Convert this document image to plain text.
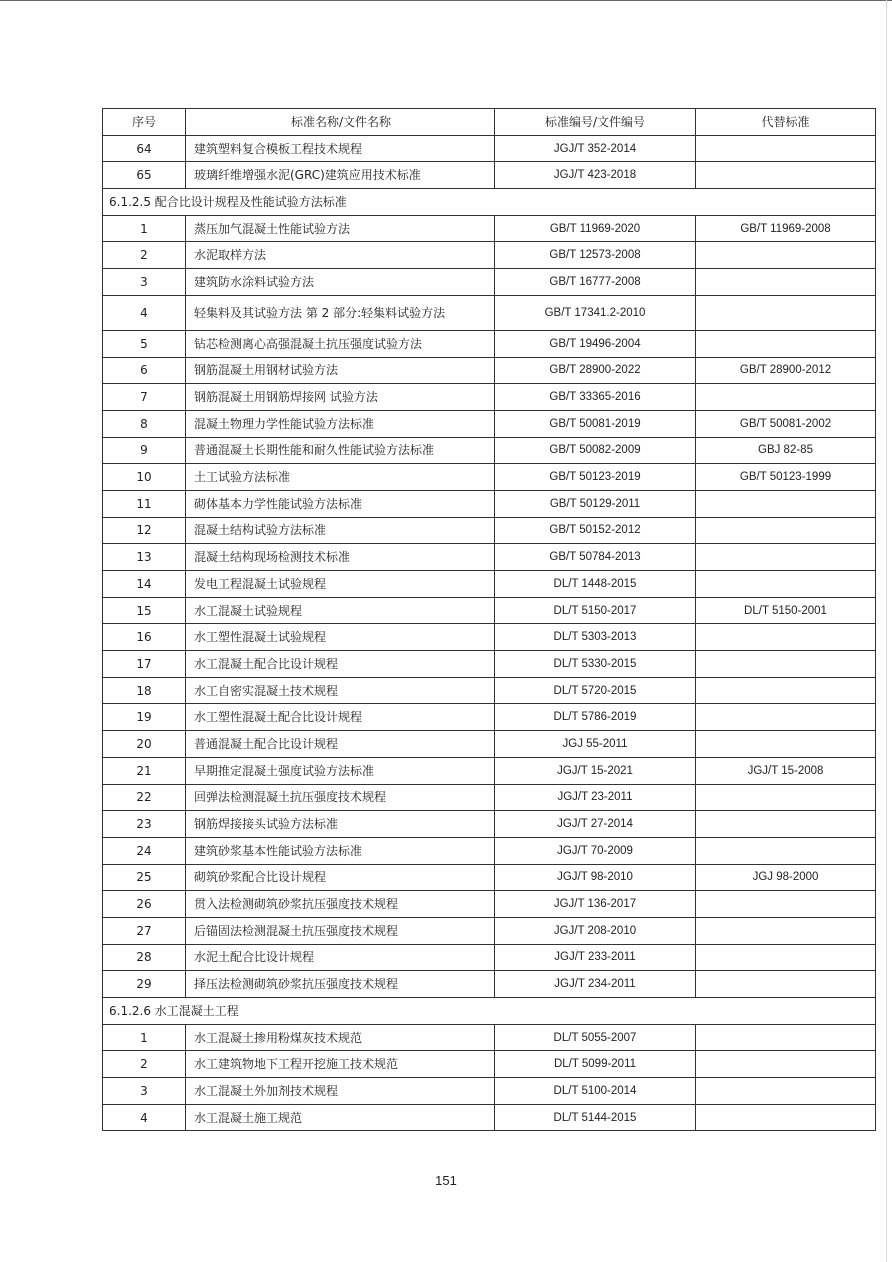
序号	标准名称/文件名称	标准编号/文件编号	代替标准
64	建筑塑料复合模板工程技术规程	JGJ/T 352-2014	
65	玻璃纤维增强水泥(GRC)建筑应用技术标准	JGJ/T 423-2018	
6.1.2.5 配合比设计规程及性能试验方法标准			
1	蒸压加气混凝土性能试验方法	GB/T 11969-2020	GB/T 11969-2008
2	水泥取样方法	GB/T 12573-2008	
3	建筑防水涂料试验方法	GB/T 16777-2008	
4	轻集料及其试验方法 第 2 部分:轻集料试验方法	GB/T 17341.2-2010	
5	钻芯检测离心高强混凝土抗压强度试验方法	GB/T 19496-2004	
6	钢筋混凝土用钢材试验方法	GB/T 28900-2022	GB/T 28900-2012
7	钢筋混凝土用钢筋焊接网 试验方法	GB/T 33365-2016	
8	混凝土物理力学性能试验方法标准	GB/T 50081-2019	GB/T 50081-2002
9	普通混凝土长期性能和耐久性能试验方法标准	GB/T 50082-2009	GBJ 82-85
10	土工试验方法标准	GB/T 50123-2019	GB/T 50123-1999
11	砌体基本力学性能试验方法标准	GB/T 50129-2011	
12	混凝土结构试验方法标准	GB/T 50152-2012	
13	混凝土结构现场检测技术标准	GB/T 50784-2013	
14	发电工程混凝土试验规程	DL/T 1448-2015	
15	水工混凝土试验规程	DL/T 5150-2017	DL/T 5150-2001
16	水工塑性混凝土试验规程	DL/T 5303-2013	
17	水工混凝土配合比设计规程	DL/T 5330-2015	
18	水工自密实混凝土技术规程	DL/T 5720-2015	
19	水工塑性混凝土配合比设计规程	DL/T 5786-2019	
20	普通混凝土配合比设计规程	JGJ 55-2011	
21	早期推定混凝土强度试验方法标准	JGJ/T 15-2021	JGJ/T 15-2008
22	回弹法检测混凝土抗压强度技术规程	JGJ/T 23-2011	
23	钢筋焊接接头试验方法标准	JGJ/T 27-2014	
24	建筑砂浆基本性能试验方法标准	JGJ/T 70-2009	
25	砌筑砂浆配合比设计规程	JGJ/T 98-2010	JGJ 98-2000
26	贯入法检测砌筑砂浆抗压强度技术规程	JGJ/T 136-2017	
27	后锚固法检测混凝土抗压强度技术规程	JGJ/T 208-2010	
28	水泥土配合比设计规程	JGJ/T 233-2011	
29	择压法检测砌筑砂浆抗压强度技术规程	JGJ/T 234-2011	
6.1.2.6 水工混凝土工程			
1	水工混凝土掺用粉煤灰技术规范	DL/T 5055-2007	
2	水工建筑物地下工程开挖施工技术规范	DL/T 5099-2011	
3	水工混凝土外加剂技术规程	DL/T 5100-2014	
4	水工混凝土施工规范	DL/T 5144-2015	
151
